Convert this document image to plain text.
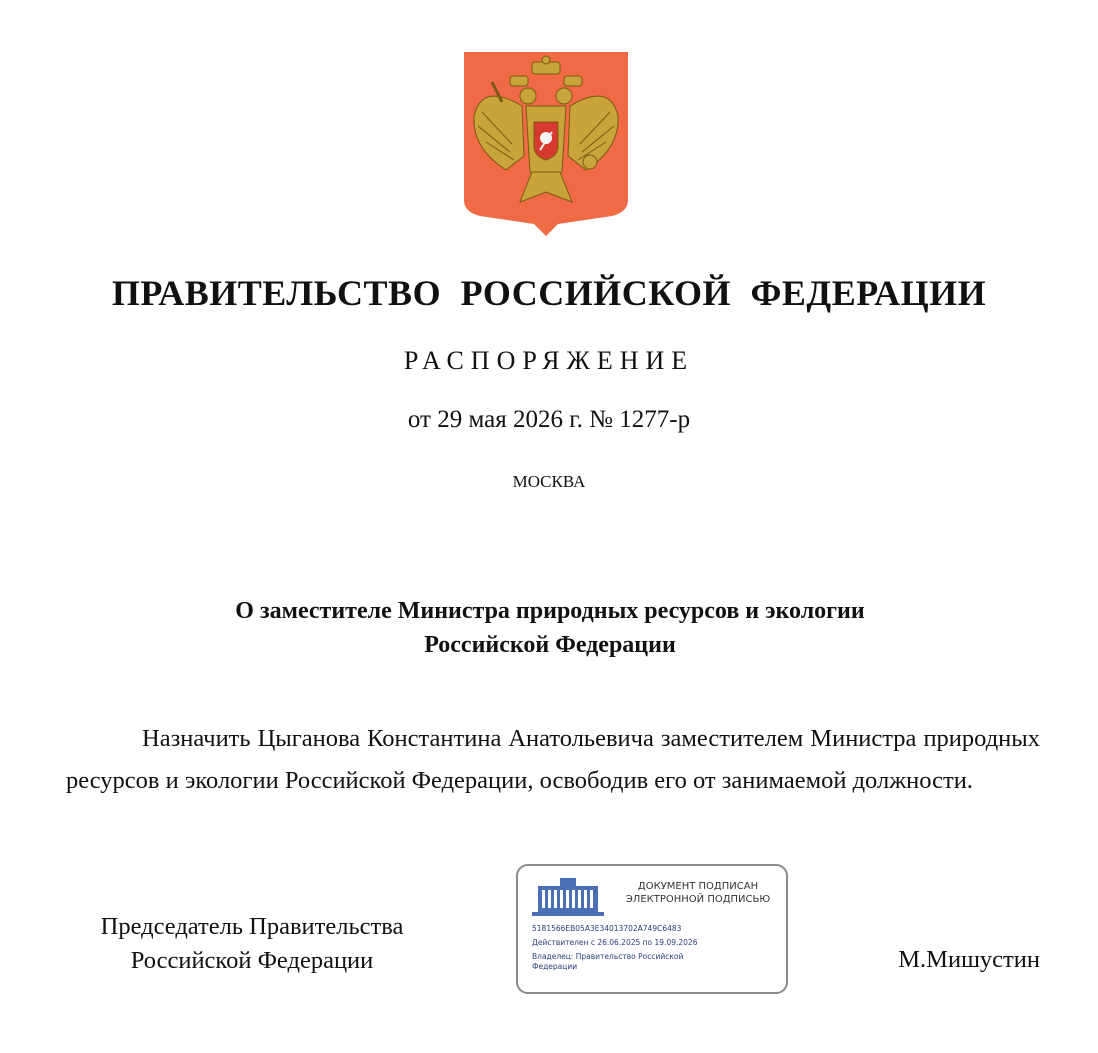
ПРАВИТЕЛЬСТВО РОССИЙСКОЙ ФЕДЕРАЦИИ
РАСПОРЯЖЕНИЕ
от 29 мая 2026 г. № 1277-р
МОСКВА
О заместителе Министра природных ресурсов и экологии
Российской Федерации
Назначить Цыганова Константина Анатольевича заместителем Министра природных ресурсов и экологии Российской Федерации, освободив его от занимаемой должности.
Председатель Правительства
Российской Федерации
ДОКУМЕНТ ПОДПИСАН
ЭЛЕКТРОННОЙ ПОДПИСЬЮ
5181566EB05A3E34013702A749C6483
Действителен с 26.06.2025 по 19.09.2026
Владелец: Правительство Российской
Федерации	М.Мишустин
